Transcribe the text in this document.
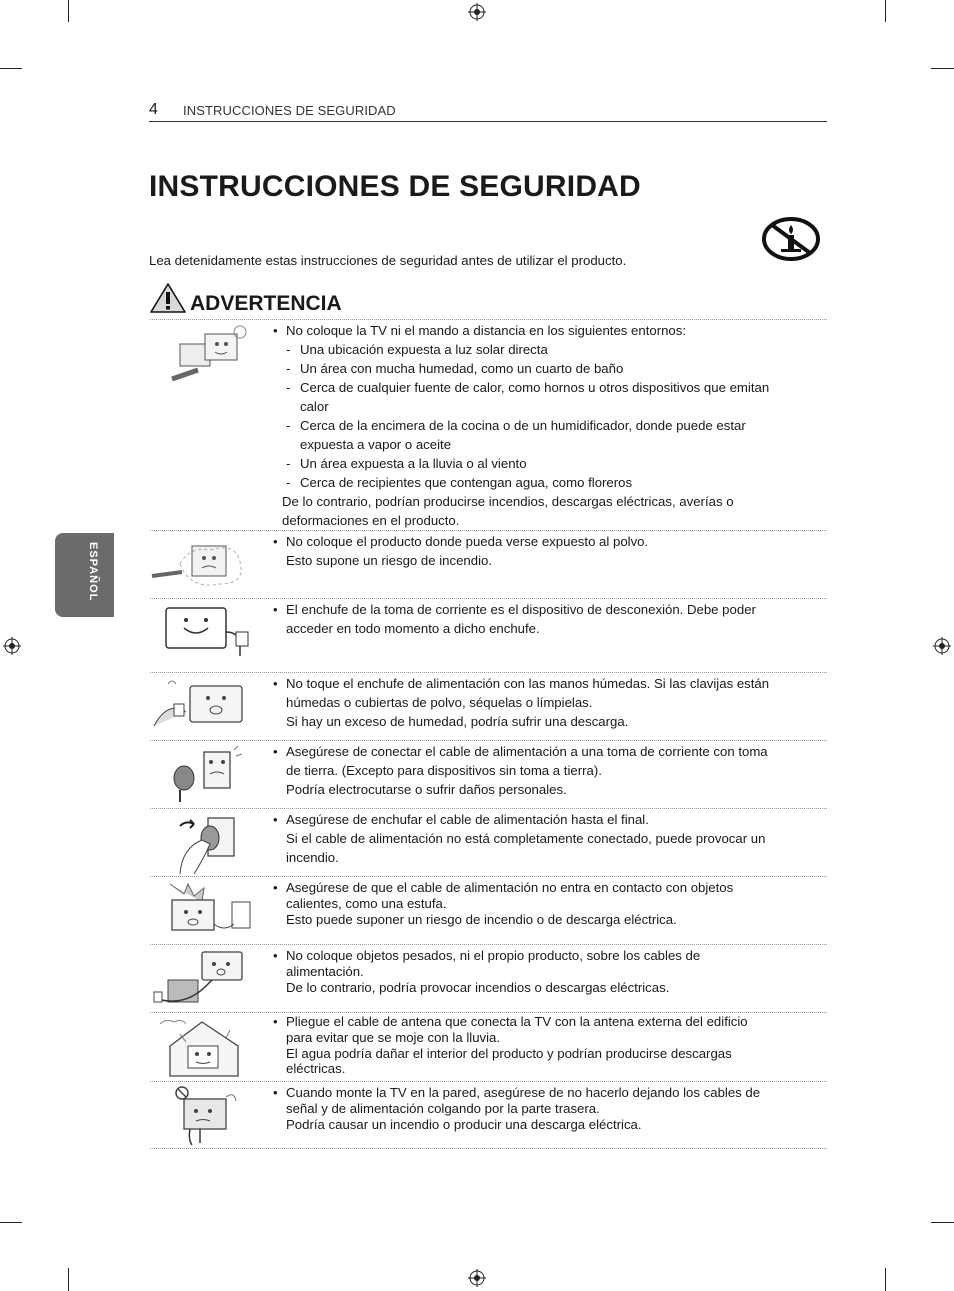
4 INSTRUCCIONES DE SEGURIDAD
INSTRUCCIONES DE SEGURIDAD
Lea detenidamente estas instrucciones de seguridad antes de utilizar el producto.
ADVERTENCIA
ESPAÑOL
• No coloque la TV ni el mando a distancia en los siguientes entornos:
- Una ubicación expuesta a luz solar directa
- Un área con mucha humedad, como un cuarto de baño
- Cerca de cualquier fuente de calor, como hornos u otros dispositivos que emitan
calor
- Cerca de la encimera de la cocina o de un humidificador, donde puede estar
expuesta a vapor o aceite
- Un área expuesta a la lluvia o al viento
- Cerca de recipientes que contengan agua, como floreros
De lo contrario, podrían producirse incendios, descargas eléctricas, averías o
deformaciones en el producto.
• No coloque el producto donde pueda verse expuesto al polvo.
Esto supone un riesgo de incendio.
• El enchufe de la toma de corriente es el dispositivo de desconexión. Debe poder
acceder en todo momento a dicho enchufe.
• No toque el enchufe de alimentación con las manos húmedas. Si las clavijas están
húmedas o cubiertas de polvo, séquelas o límpielas.
Si hay un exceso de humedad, podría sufrir una descarga.
• Asegúrese de conectar el cable de alimentación a una toma de corriente con toma
de tierra. (Excepto para dispositivos sin toma a tierra).
Podría electrocutarse o sufrir daños personales.
• Asegúrese de enchufar el cable de alimentación hasta el final.
Si el cable de alimentación no está completamente conectado, puede provocar un
incendio.
• Asegúrese de que el cable de alimentación no entra en contacto con objetos
calientes, como una estufa.
Esto puede suponer un riesgo de incendio o de descarga eléctrica.
• No coloque objetos pesados, ni el propio producto, sobre los cables de
alimentación.
De lo contrario, podría provocar incendios o descargas eléctricas.
• Pliegue el cable de antena que conecta la TV con la antena externa del edificio
para evitar que se moje con la lluvia.
El agua podría dañar el interior del producto y podrían producirse descargas
eléctricas.
• Cuando monte la TV en la pared, asegúrese de no hacerlo dejando los cables de
señal y de alimentación colgando por la parte trasera.
Podría causar un incendio o producir una descarga eléctrica.
